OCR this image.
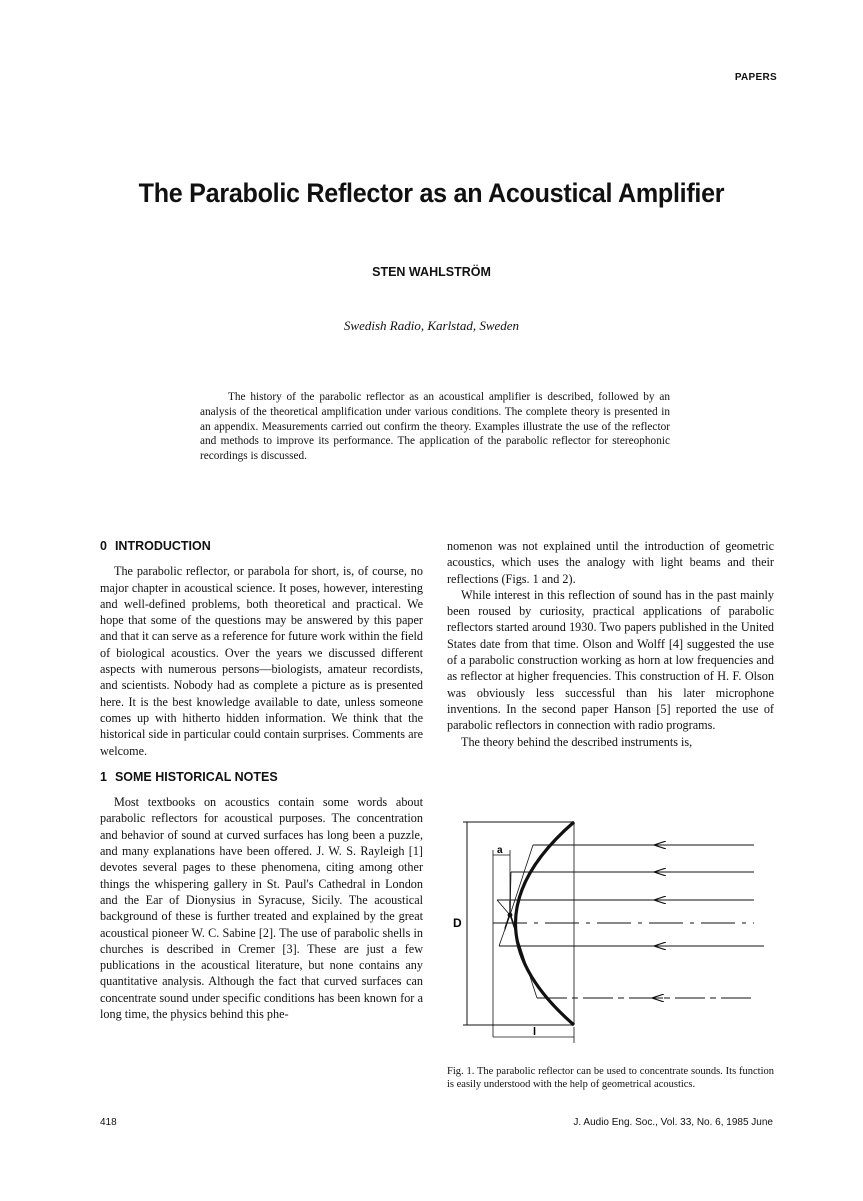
PAPERS
The Parabolic Reflector as an Acoustical Amplifier
STEN WAHLSTRÖM
Swedish Radio, Karlstad, Sweden
The history of the parabolic reflector as an acoustical amplifier is described, followed by an analysis of the theoretical amplification under various conditions. The complete theory is presented in an appendix. Measurements carried out confirm the theory. Examples illustrate the use of the reflector and methods to improve its performance. The application of the parabolic reflector for stereophonic recordings is discussed.
0 INTRODUCTION

The parabolic reflector, or parabola for short, is, of course, no major chapter in acoustical science. It poses, however, interesting and well-defined problems, both theoretical and practical. We hope that some of the questions may be answered by this paper and that it can serve as a reference for future work within the field of biological acoustics. Over the years we discussed different aspects with numerous persons—biologists, amateur recordists, and scientists. Nobody had as complete a picture as is presented here. It is the best knowledge available to date, unless someone comes up with hitherto hidden information. We think that the historical side in particular could contain surprises. Comments are welcome.

1 SOME HISTORICAL NOTES

Most textbooks on acoustics contain some words about parabolic reflectors for acoustical purposes. The concentration and behavior of sound at curved surfaces has long been a puzzle, and many explanations have been offered. J. W. S. Rayleigh [1] devotes several pages to these phenomena, citing among other things the whispering gallery in St. Paul's Cathedral in London and the Ear of Dionysius in Syracuse, Sicily. The acoustical background of these is further treated and explained by the great acoustical pioneer W. C. Sabine [2]. The use of parabolic shells in churches is described in Cremer [3]. These are just a few publications in the acoustical literature, but none contains any quantitative analysis. Although the fact that curved surfaces can concentrate sound under specific conditions has been known for a long time, the physics behind this phe-

nomenon was not explained until the introduction of geometric acoustics, which uses the analogy with light beams and their reflections (Figs. 1 and 2).

While interest in this reflection of sound has in the past mainly been roused by curiosity, practical applications of parabolic reflectors started around 1930. Two papers published in the United States date from that time. Olson and Wolff [4] suggested the use of a parabolic construction working as horn at low frequencies and as reflector at higher frequencies. This construction of H. F. Olson was obviously less successful than his later microphone inventions. In the second paper Hanson [5] reported the use of parabolic reflectors in connection with radio programs.

The theory behind the described instruments is,

D
a
l
Fig. 1. The parabolic reflector can be used to concentrate sounds. Its function is easily understood with the help of geometrical acoustics.
418	J. Audio Eng. Soc., Vol. 33, No. 6, 1985 June
